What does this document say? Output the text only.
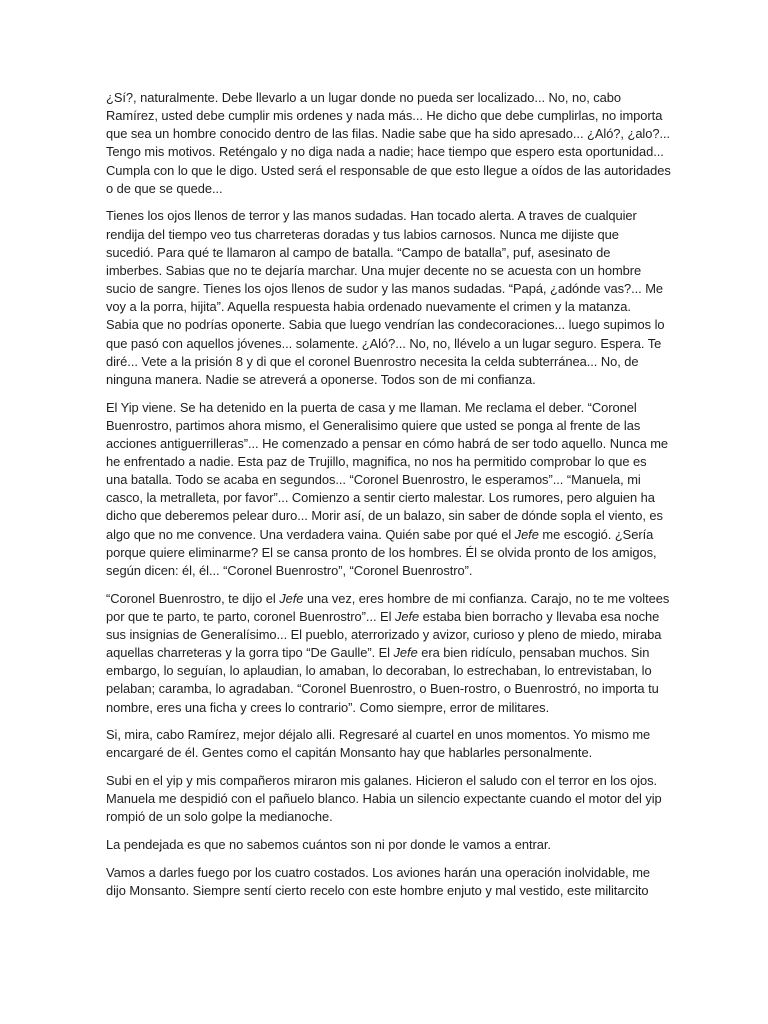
¿Sí?, naturalmente. Debe llevarlo a un lugar donde no pueda ser localizado... No, no, cabo
Ramírez, usted debe cumplir mis ordenes y nada más... He dicho que debe cumplirlas, no importa
que sea un hombre conocido dentro de las filas. Nadie sabe que ha sido apresado... ¿Aló?, ¿alo?...
Tengo mis motivos. Reténgalo y no diga nada a nadie; hace tiempo que espero esta oportunidad...
Cumpla con lo que le digo. Usted será el responsable de que esto llegue a oídos de las autoridades
o de que se quede...

Tienes los ojos llenos de terror y las manos sudadas. Han tocado alerta. A traves de cualquier
rendija del tiempo veo tus charreteras doradas y tus labios carnosos. Nunca me dijiste que
sucedió. Para qué te llamaron al campo de batalla. “Campo de batalla”, puf, asesinato de
imberbes. Sabias que no te dejaría marchar. Una mujer decente no se acuesta con un hombre
sucio de sangre. Tienes los ojos llenos de sudor y las manos sudadas. “Papá, ¿adónde vas?... Me
voy a la porra, hijita”. Aquella respuesta habia ordenado nuevamente el crimen y la matanza.
Sabia que no podrías oponerte. Sabia que luego vendrían las condecoraciones... luego supimos lo
que pasó con aquellos jóvenes... solamente. ¿Aló?... No, no, llévelo a un lugar seguro. Espera. Te
diré... Vete a la prisión 8 y di que el coronel Buenrostro necesita la celda subterránea... No, de
ninguna manera. Nadie se atreverá a oponerse. Todos son de mi confianza.

El Yip viene. Se ha detenido en la puerta de casa y me llaman. Me reclama el deber. “Coronel
Buenrostro, partimos ahora mismo, el Generalisimo quiere que usted se ponga al frente de las
acciones antiguerrilleras”... He comenzado a pensar en cómo habrá de ser todo aquello. Nunca me
he enfrentado a nadie. Esta paz de Trujillo, magnifica, no nos ha permitido comprobar lo que es
una batalla. Todo se acaba en segundos... “Coronel Buenrostro, le esperamos”... “Manuela, mi
casco, la metralleta, por favor”... Comienzo a sentir cierto malestar. Los rumores, pero alguien ha
dicho que deberemos pelear duro... Morir así, de un balazo, sin saber de dónde sopla el viento, es
algo que no me convence. Una verdadera vaina. Quién sabe por qué el Jefe me escogió. ¿Sería
porque quiere eliminarme? El se cansa pronto de los hombres. Él se olvida pronto de los amigos,
según dicen: él, él... “Coronel Buenrostro”, “Coronel Buenrostro”.

“Coronel Buenrostro, te dijo el Jefe una vez, eres hombre de mi confianza. Carajo, no te me voltees
por que te parto, te parto, coronel Buenrostro”... El Jefe estaba bien borracho y llevaba esa noche
sus insignias de Generalísimo... El pueblo, aterrorizado y avizor, curioso y pleno de miedo, miraba
aquellas charreteras y la gorra tipo “De Gaulle”. El Jefe era bien ridículo, pensaban muchos. Sin
embargo, lo seguían, lo aplaudian, lo amaban, lo decoraban, lo estrechaban, lo entrevistaban, lo
pelaban; caramba, lo agradaban. “Coronel Buenrostro, o Buen-rostro, o Buenrostró, no importa tu
nombre, eres una ficha y crees lo contrario”. Como siempre, error de militares.

Si, mira, cabo Ramírez, mejor déjalo alli. Regresaré al cuartel en unos momentos. Yo mismo me
encargaré de él. Gentes como el capitán Monsanto hay que hablarles personalmente.

Subi en el yip y mis compañeros miraron mis galanes. Hicieron el saludo con el terror en los ojos.
Manuela me despidió con el pañuelo blanco. Habia un silencio expectante cuando el motor del yip
rompió de un solo golpe la medianoche.

La pendejada es que no sabemos cuántos son ni por donde le vamos a entrar.

Vamos a darles fuego por los cuatro costados. Los aviones harán una operación inolvidable, me
dijo Monsanto. Siempre sentí cierto recelo con este hombre enjuto y mal vestido, este militarcito
